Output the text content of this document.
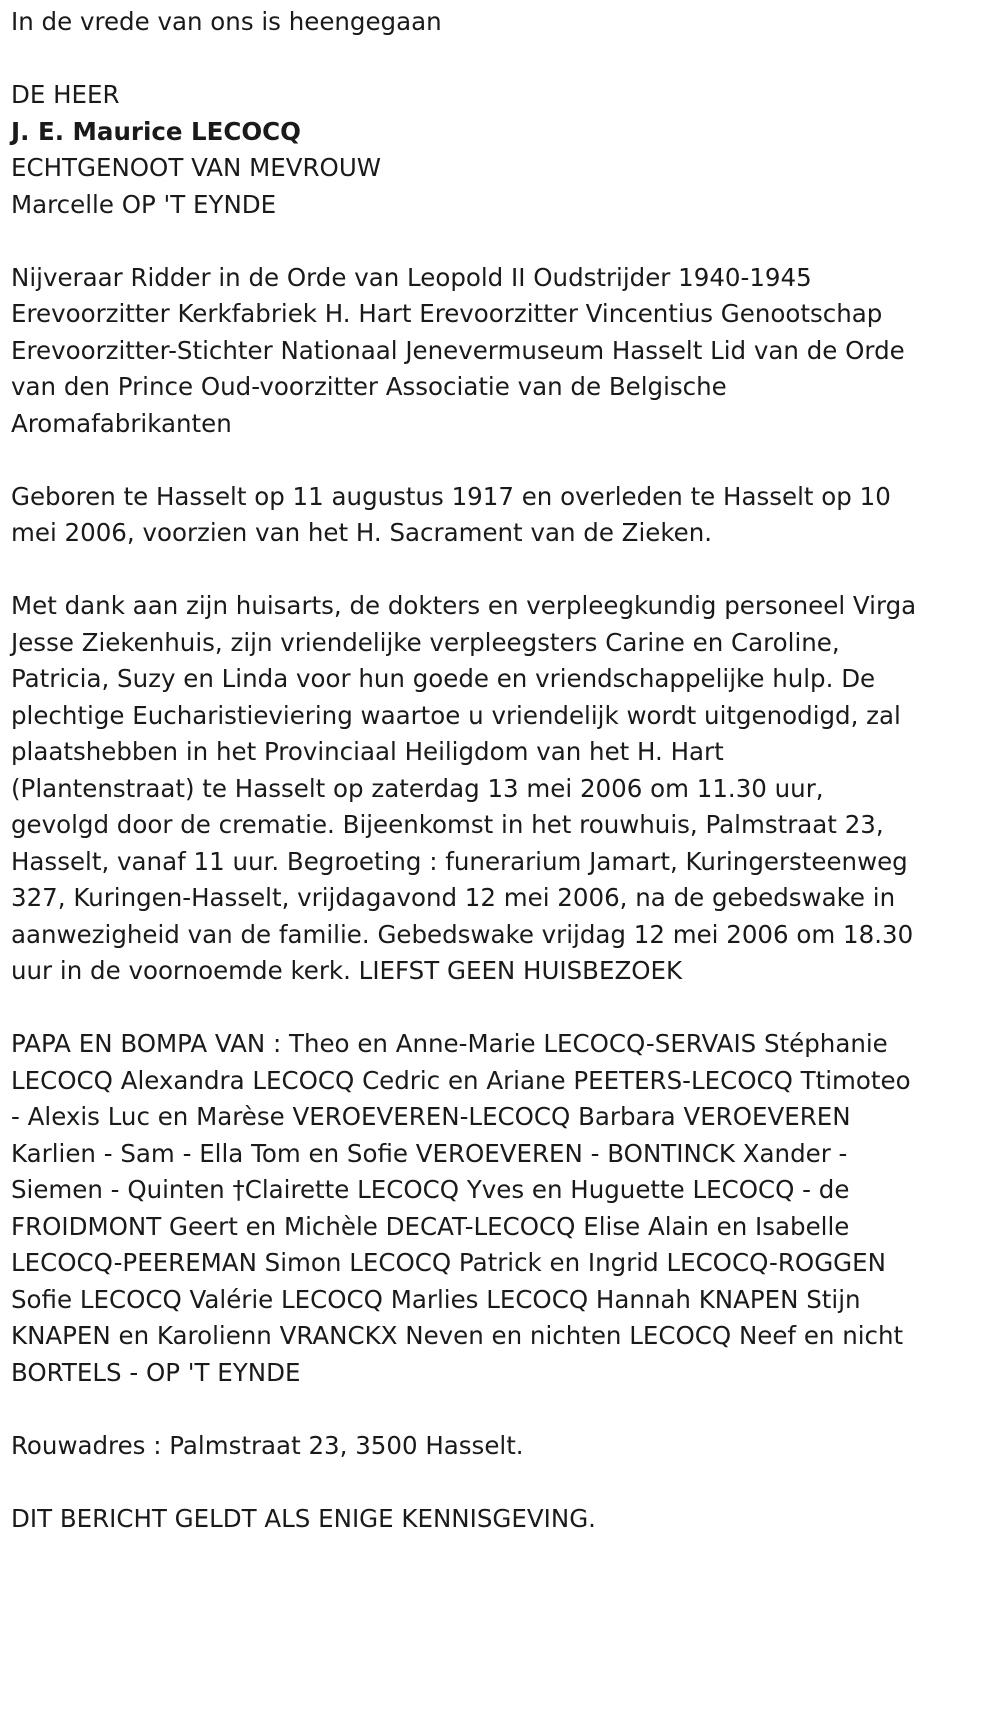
In de vrede van ons is heengegaan
DE HEER
J. E. Maurice LECOCQ
ECHTGENOOT VAN MEVROUW
Marcelle OP 'T EYNDE

Nijveraar Ridder in de Orde van Leopold II Oudstrijder 1940-1945
Erevoorzitter Kerkfabriek H. Hart Erevoorzitter Vincentius Genootschap
Erevoorzitter-Stichter Nationaal Jenevermuseum Hasselt Lid van de Orde
van den Prince Oud-voorzitter Associatie van de Belgische
Aromafabrikanten

Geboren te Hasselt op 11 augustus 1917 en overleden te Hasselt op 10
mei 2006, voorzien van het H. Sacrament van de Zieken.

Met dank aan zijn huisarts, de dokters en verpleegkundig personeel Virga
Jesse Ziekenhuis, zijn vriendelijke verpleegsters Carine en Caroline,
Patricia, Suzy en Linda voor hun goede en vriendschappelijke hulp. De
plechtige Eucharistieviering waartoe u vriendelijk wordt uitgenodigd, zal
plaatshebben in het Provinciaal Heiligdom van het H. Hart
(Plantenstraat) te Hasselt op zaterdag 13 mei 2006 om 11.30 uur,
gevolgd door de crematie. Bijeenkomst in het rouwhuis, Palmstraat 23,
Hasselt, vanaf 11 uur. Begroeting : funerarium Jamart, Kuringersteenweg
327, Kuringen-Hasselt, vrijdagavond 12 mei 2006, na de gebedswake in
aanwezigheid van de familie. Gebedswake vrijdag 12 mei 2006 om 18.30
uur in de voornoemde kerk. LIEFST GEEN HUISBEZOEK

PAPA EN BOMPA VAN : Theo en Anne-Marie LECOCQ-SERVAIS Stéphanie
LECOCQ Alexandra LECOCQ Cedric en Ariane PEETERS-LECOCQ Ttimoteo
- Alexis Luc en Marèse VEROEVEREN-LECOCQ Barbara VEROEVEREN
Karlien - Sam - Ella Tom en Sofie VEROEVEREN - BONTINCK Xander -
Siemen - Quinten †Clairette LECOCQ Yves en Huguette LECOCQ - de
FROIDMONT Geert en Michèle DECAT-LECOCQ Elise Alain en Isabelle
LECOCQ-PEEREMAN Simon LECOCQ Patrick en Ingrid LECOCQ-ROGGEN
Sofie LECOCQ Valérie LECOCQ Marlies LECOCQ Hannah KNAPEN Stijn
KNAPEN en Karolienn VRANCKX Neven en nichten LECOCQ Neef en nicht
BORTELS - OP 'T EYNDE

Rouwadres : Palmstraat 23, 3500 Hasselt.
DIT BERICHT GELDT ALS ENIGE KENNISGEVING.
